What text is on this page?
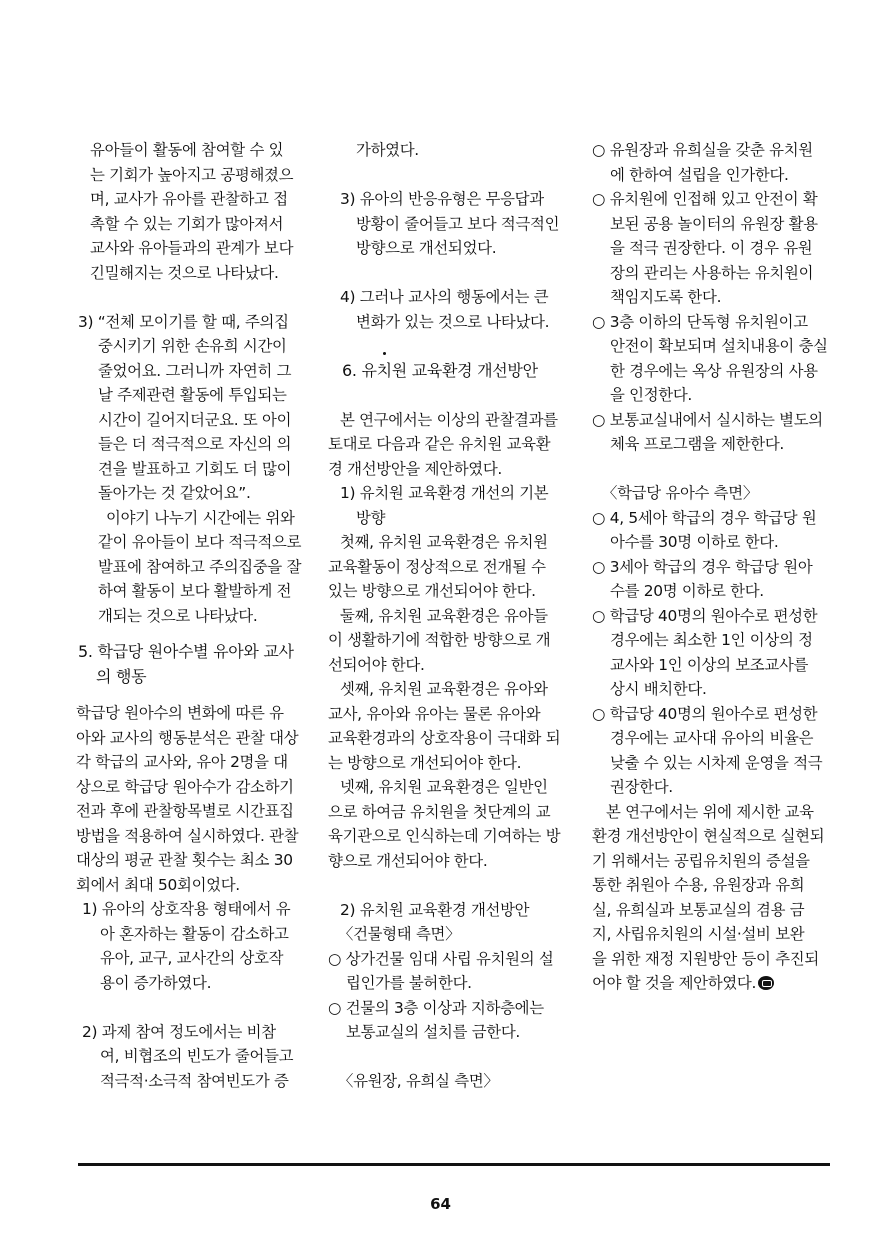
유아들이 활동에 참여할 수 있
는 기회가 높아지고 공평해졌으
며, 교사가 유아를 관찰하고 접
촉할 수 있는 기회가 많아져서
교사와 유아들과의 관계가 보다
긴밀해지는 것으로 나타났다.
3) “전체 모이기를 할 때, 주의집
중시키기 위한 손유희 시간이
줄었어요. 그러니까 자연히 그
날 주제관련 활동에 투입되는
시간이 길어지더군요. 또 아이
들은 더 적극적으로 자신의 의
견을 발표하고 기회도 더 많이
돌아가는 것 같았어요”.
이야기 나누기 시간에는 위와
같이 유아들이 보다 적극적으로
발표에 참여하고 주의집중을 잘
하여 활동이 보다 활발하게 전
개되는 것으로 나타났다.
5. 학급당 원아수별 유아와 교사
의 행동
학급당 원아수의 변화에 따른 유
아와 교사의 행동분석은 관찰 대상
각 학급의 교사와, 유아 2명을 대
상으로 학급당 원아수가 감소하기
전과 후에 관찰항목별로 시간표집
방법을 적용하여 실시하였다. 관찰
대상의 평균 관찰 횟수는 최소 30
회에서 최대 50회이었다.
1) 유아의 상호작용 형태에서 유
아 혼자하는 활동이 감소하고
유아, 교구, 교사간의 상호작
용이 증가하였다.
2) 과제 참여 정도에서는 비참
여, 비협조의 빈도가 줄어들고
적극적·소극적 참여빈도가 증
가하였다.
3) 유아의 반응유형은 무응답과
방황이 줄어들고 보다 적극적인
방향으로 개선되었다.
4) 그러나 교사의 행동에서는 큰
변화가 있는 것으로 나타났다.
6. 유치원 교육환경 개선방안
본 연구에서는 이상의 관찰결과를
토대로 다음과 같은 유치원 교육환
경 개선방안을 제안하였다.
1) 유치원 교육환경 개선의 기본
방향
첫째, 유치원 교육환경은 유치원
교육활동이 정상적으로 전개될 수
있는 방향으로 개선되어야 한다.
둘째, 유치원 교육환경은 유아들
이 생활하기에 적합한 방향으로 개
선되어야 한다.
셋째, 유치원 교육환경은 유아와
교사, 유아와 유아는 물론 유아와
교육환경과의 상호작용이 극대화 되
는 방향으로 개선되어야 한다.
넷째, 유치원 교육환경은 일반인
으로 하여금 유치원을 첫단계의 교
육기관으로 인식하는데 기여하는 방
향으로 개선되어야 한다.
2) 유치원 교육환경 개선방안
〈건물형태 측면〉
○ 상가건물 임대 사립 유치원의 설
립인가를 불허한다.
○ 건물의 3층 이상과 지하층에는
보통교실의 설치를 금한다.
〈유원장, 유희실 측면〉
○ 유원장과 유희실을 갖춘 유치원
에 한하여 설립을 인가한다.
○ 유치원에 인접해 있고 안전이 확
보된 공용 놀이터의 유원장 활용
을 적극 권장한다. 이 경우 유원
장의 관리는 사용하는 유치원이
책임지도록 한다.
○ 3층 이하의 단독형 유치원이고
안전이 확보되며 설치내용이 충실
한 경우에는 옥상 유원장의 사용
을 인정한다.
○ 보통교실내에서 실시하는 별도의
체육 프로그램을 제한한다.
〈학급당 유아수 측면〉
○ 4, 5세아 학급의 경우 학급당 원
아수를 30명 이하로 한다.
○ 3세아 학급의 경우 학급당 원아
수를 20명 이하로 한다.
○ 학급당 40명의 원아수로 편성한
경우에는 최소한 1인 이상의 정
교사와 1인 이상의 보조교사를
상시 배치한다.
○ 학급당 40명의 원아수로 편성한
경우에는 교사대 유아의 비율은
낮출 수 있는 시차제 운영을 적극
권장한다.
본 연구에서는 위에 제시한 교육
환경 개선방안이 현실적으로 실현되
기 위해서는 공립유치원의 증설을
통한 취원아 수용, 유원장과 유희
실, 유희실과 보통교실의 겸용 금
지, 사립유치원의 시설·설비 보완
을 위한 재정 지원방안 등이 추진되
어야 할 것을 제안하였다.
64
